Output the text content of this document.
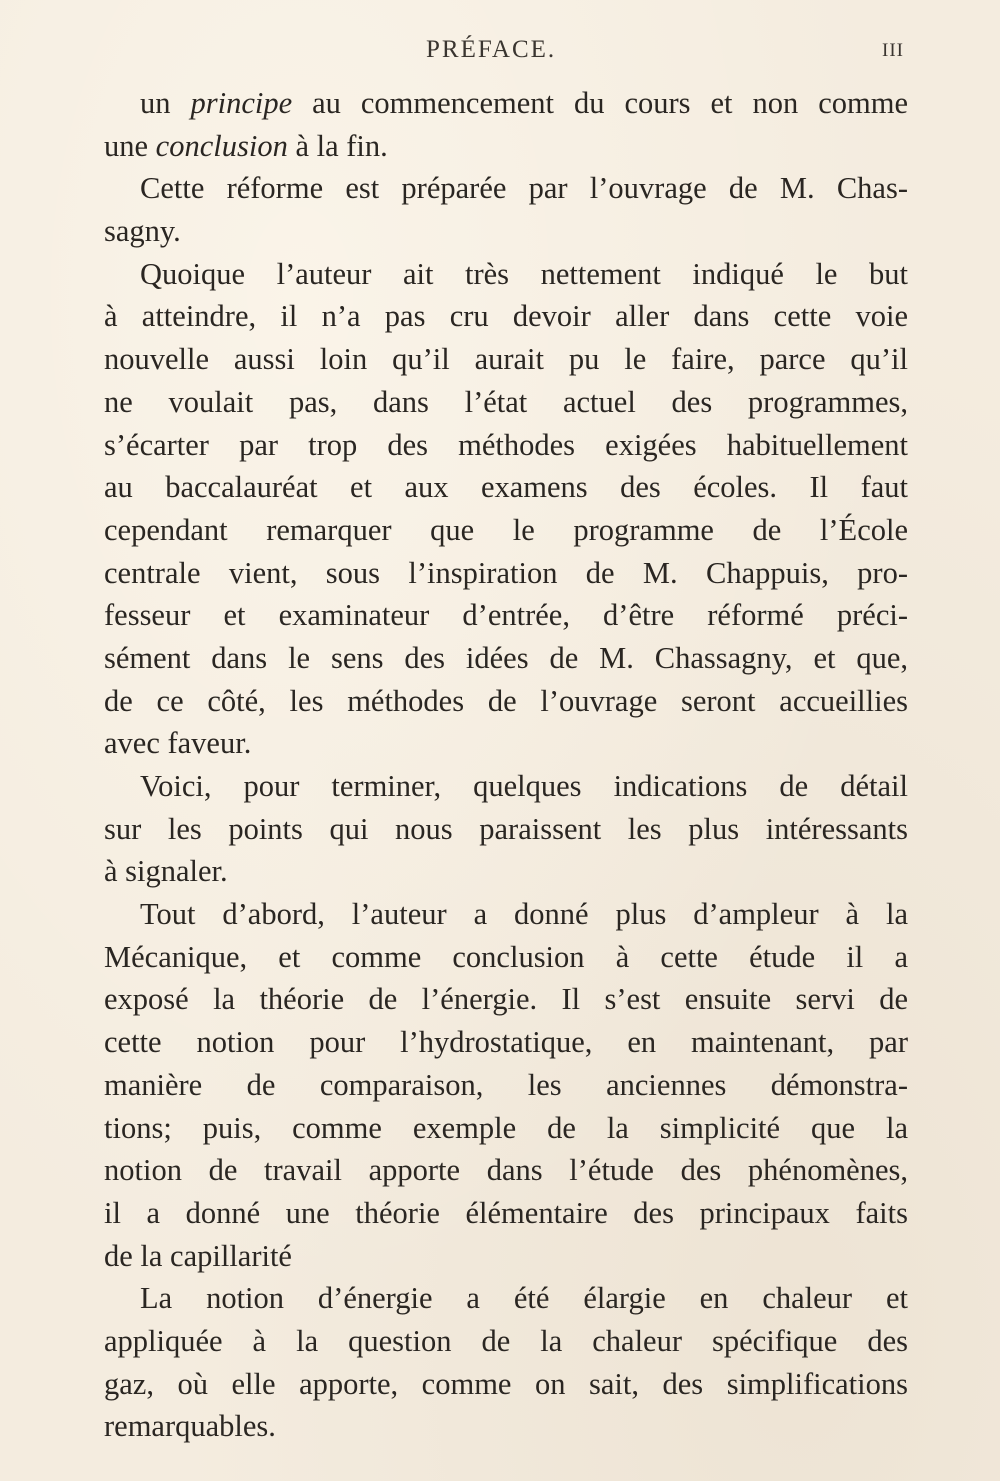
PRÉFACE.	III
un principe au commencement du cours et non comme
une conclusion à la fin.
Cette réforme est préparée par l’ouvrage de M. Chas-
sagny.
Quoique l’auteur ait très nettement indiqué le but
à atteindre, il n’a pas cru devoir aller dans cette voie
nouvelle aussi loin qu’il aurait pu le faire, parce qu’il
ne voulait pas, dans l’état actuel des programmes,
s’écarter par trop des méthodes exigées habituellement
au baccalauréat et aux examens des écoles. Il faut
cependant remarquer que le programme de l’École
centrale vient, sous l’inspiration de M. Chappuis, pro-
fesseur et examinateur d’entrée, d’être réformé préci-
sément dans le sens des idées de M. Chassagny, et que,
de ce côté, les méthodes de l’ouvrage seront accueillies
avec faveur.
Voici, pour terminer, quelques indications de détail
sur les points qui nous paraissent les plus intéressants
à signaler.
Tout d’abord, l’auteur a donné plus d’ampleur à la
Mécanique, et comme conclusion à cette étude il a
exposé la théorie de l’énergie. Il s’est ensuite servi de
cette notion pour l’hydrostatique, en maintenant, par
manière de comparaison, les anciennes démonstra-
tions; puis, comme exemple de la simplicité que la
notion de travail apporte dans l’étude des phénomènes,
il a donné une théorie élémentaire des principaux faits
de la capillarité
La notion d’énergie a été élargie en chaleur et
appliquée à la question de la chaleur spécifique des
gaz, où elle apporte, comme on sait, des simplifications
remarquables.
